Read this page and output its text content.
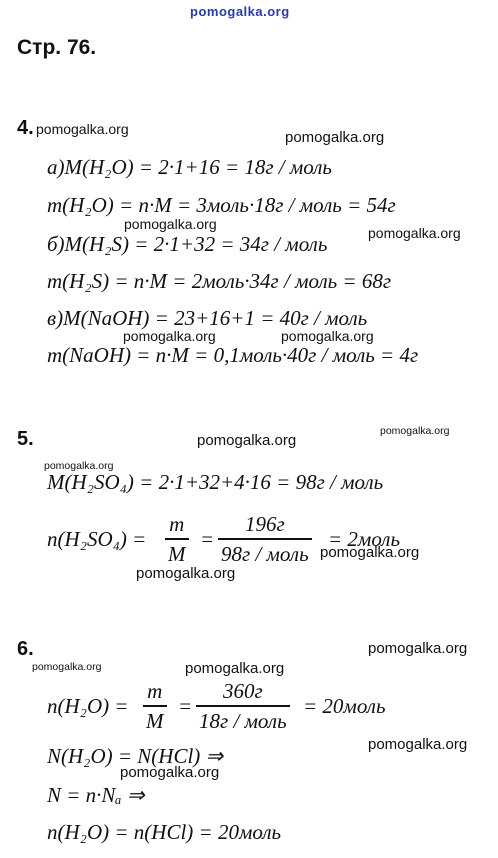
pomogalka.org
Стр. 76.
4. pomogalka.org	pomogalka.org
а)M(H₂O) = 2·1+16 = 18г / моль
m(H₂O) = n·M = 3моль·18г / моль = 54г
pomogalka.org
б)M(H₂S) = 2·1+32 = 34г / моль	pomogalka.org
m(H₂S) = n·M = 2моль·34г / моль = 68г
в)M(NaOH) = 23+16+1 = 40г / моль
pomogalka.org	pomogalka.org
m(NaOH) = n·M = 0,1моль·40г / моль = 4г
5.	pomogalka.org
pomogalka.org
pomogalka.org
M(H₂SO₄) = 2·1+32+4·16 = 98г / моль
n(H₂SO₄) =
m
M
=
196г
98г / моль
= 2моль
pomogalka.org
pomogalka.org
6.	pomogalka.org
pomogalka.org	pomogalka.org
n(H₂O) =
m
M
=
360г
18г / моль
= 20моль
N(H₂O) = N(HCl) ⇒	pomogalka.org
pomogalka.org
N = n·Nₐ ⇒
n(H₂O) = n(HCl) = 20моль
